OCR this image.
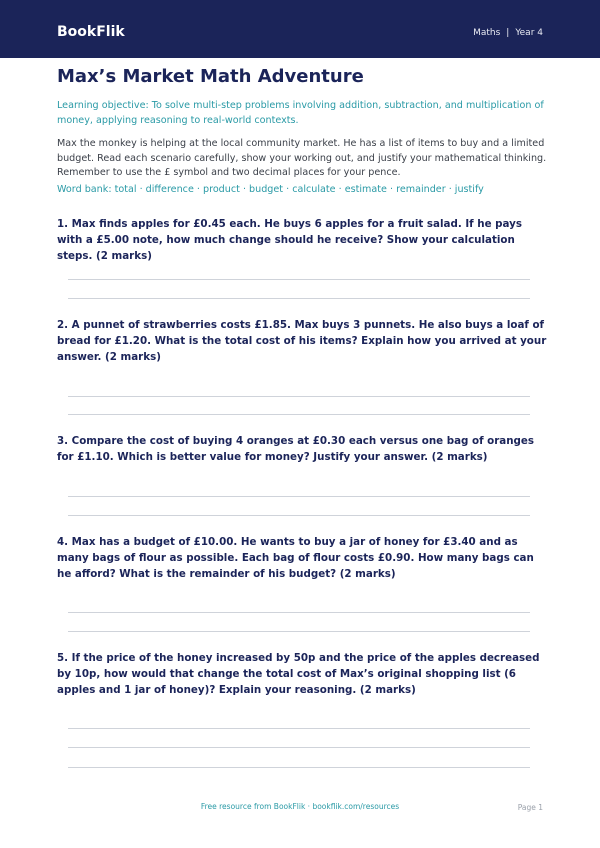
BookFlik	Maths | Year 4
Max’s Market Math Adventure
Learning objective: To solve multi-step problems involving addition, subtraction, and multiplication of money, applying reasoning to real-world contexts.
Max the monkey is helping at the local community market. He has a list of items to buy and a limited budget. Read each scenario carefully, show your working out, and justify your mathematical thinking. Remember to use the £ symbol and two decimal places for your pence.
Word bank: total · difference · product · budget · calculate · estimate · remainder · justify
1. Max finds apples for £0.45 each. He buys 6 apples for a fruit salad. If he pays with a £5.00 note, how much change should he receive? Show your calculation steps. (2 marks)
2. A punnet of strawberries costs £1.85. Max buys 3 punnets. He also buys a loaf of bread for £1.20. What is the total cost of his items? Explain how you arrived at your answer. (2 marks)
3. Compare the cost of buying 4 oranges at £0.30 each versus one bag of oranges for £1.10. Which is better value for money? Justify your answer. (2 marks)
4. Max has a budget of £10.00. He wants to buy a jar of honey for £3.40 and as many bags of flour as possible. Each bag of flour costs £0.90. How many bags can he afford? What is the remainder of his budget? (2 marks)
5. If the price of the honey increased by 50p and the price of the apples decreased by 10p, how would that change the total cost of Max’s original shopping list (6 apples and 1 jar of honey)? Explain your reasoning. (2 marks)
Free resource from BookFlik · bookflik.com/resources	Page 1
